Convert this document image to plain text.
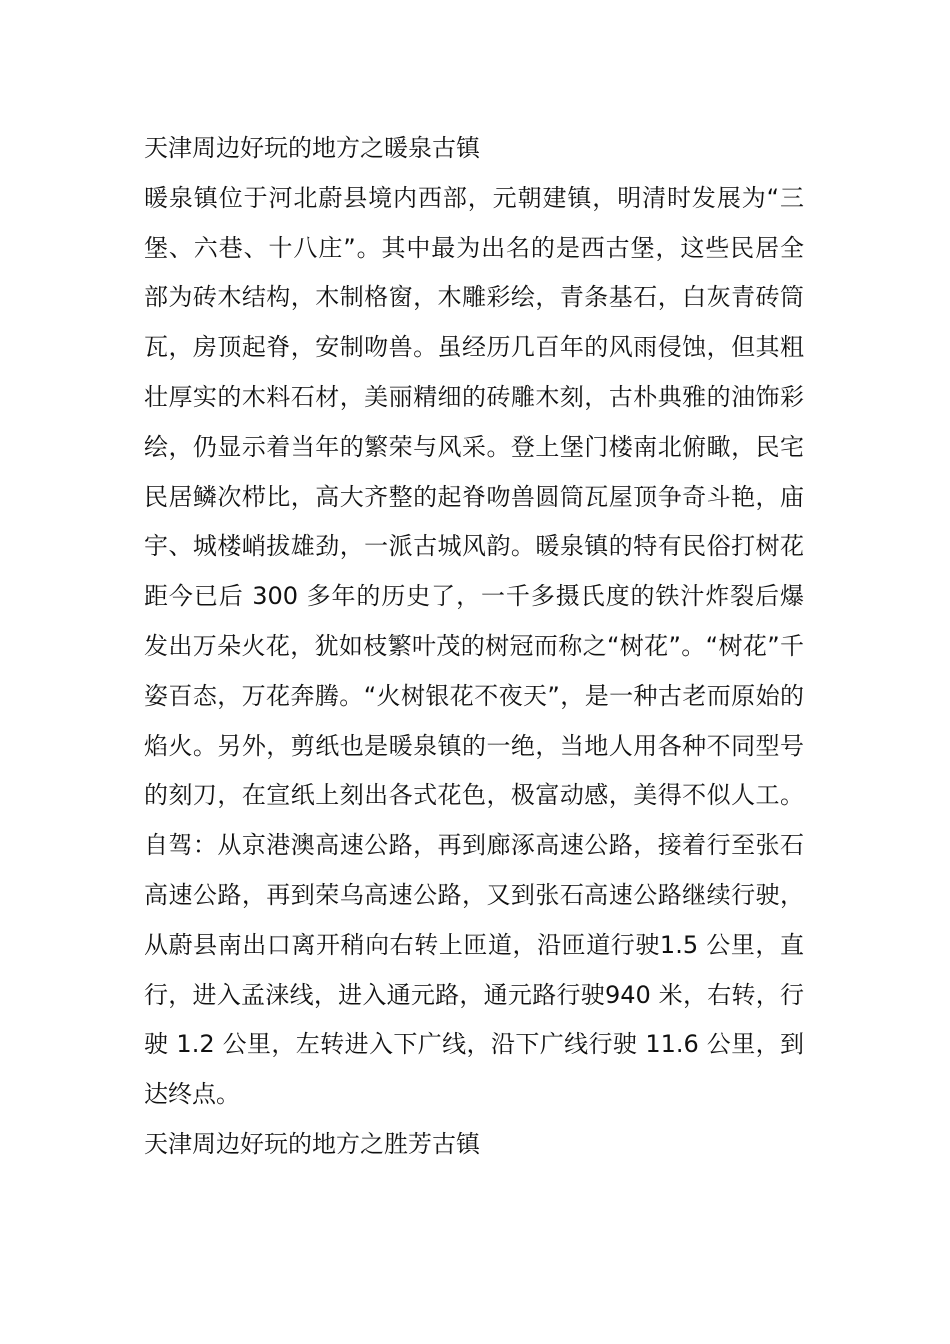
天津周边好玩的地方之暖泉古镇

暖泉镇位于河北蔚县境内西部，元朝建镇，明清时发展为“三堡、六巷、十八庄”。其中最为出名的是西古堡，这些民居全部为砖木结构，木制格窗，木雕彩绘，青条基石，白灰青砖筒瓦，房顶起脊，安制吻兽。虽经历几百年的风雨侵蚀，但其粗壮厚实的木料石材，美丽精细的砖雕木刻，古朴典雅的油饰彩绘，仍显示着当年的繁荣与风采。登上堡门楼南北俯瞰，民宅民居鳞次栉比，高大齐整的起脊吻兽圆筒瓦屋顶争奇斗艳，庙宇、城楼峭拔雄劲，一派古城风韵。暖泉镇的特有民俗打树花距今已后 300 多年的历史了，一千多摄氏度的铁汁炸裂后爆发出万朵火花，犹如枝繁叶茂的树冠而称之“树花”。“树花”千姿百态，万花奔腾。“火树银花不夜天”，是一种古老而原始的焰火。另外，剪纸也是暖泉镇的一绝，当地人用各种不同型号的刻刀，在宣纸上刻出各式花色，极富动感，美得不似人工。自驾：从京港澳高速公路，再到廊涿高速公路，接着行至张石高速公路，再到荣乌高速公路，又到张石高速公路继续行驶，从蔚县南出口离开稍向右转上匝道，沿匝道行驶1.5 公里，直行，进入孟涞线，进入通元路，通元路行驶940 米，右转，行驶 1.2 公里，左转进入下广线，沿下广线行驶 11.6 公里，到达终点。

天津周边好玩的地方之胜芳古镇
